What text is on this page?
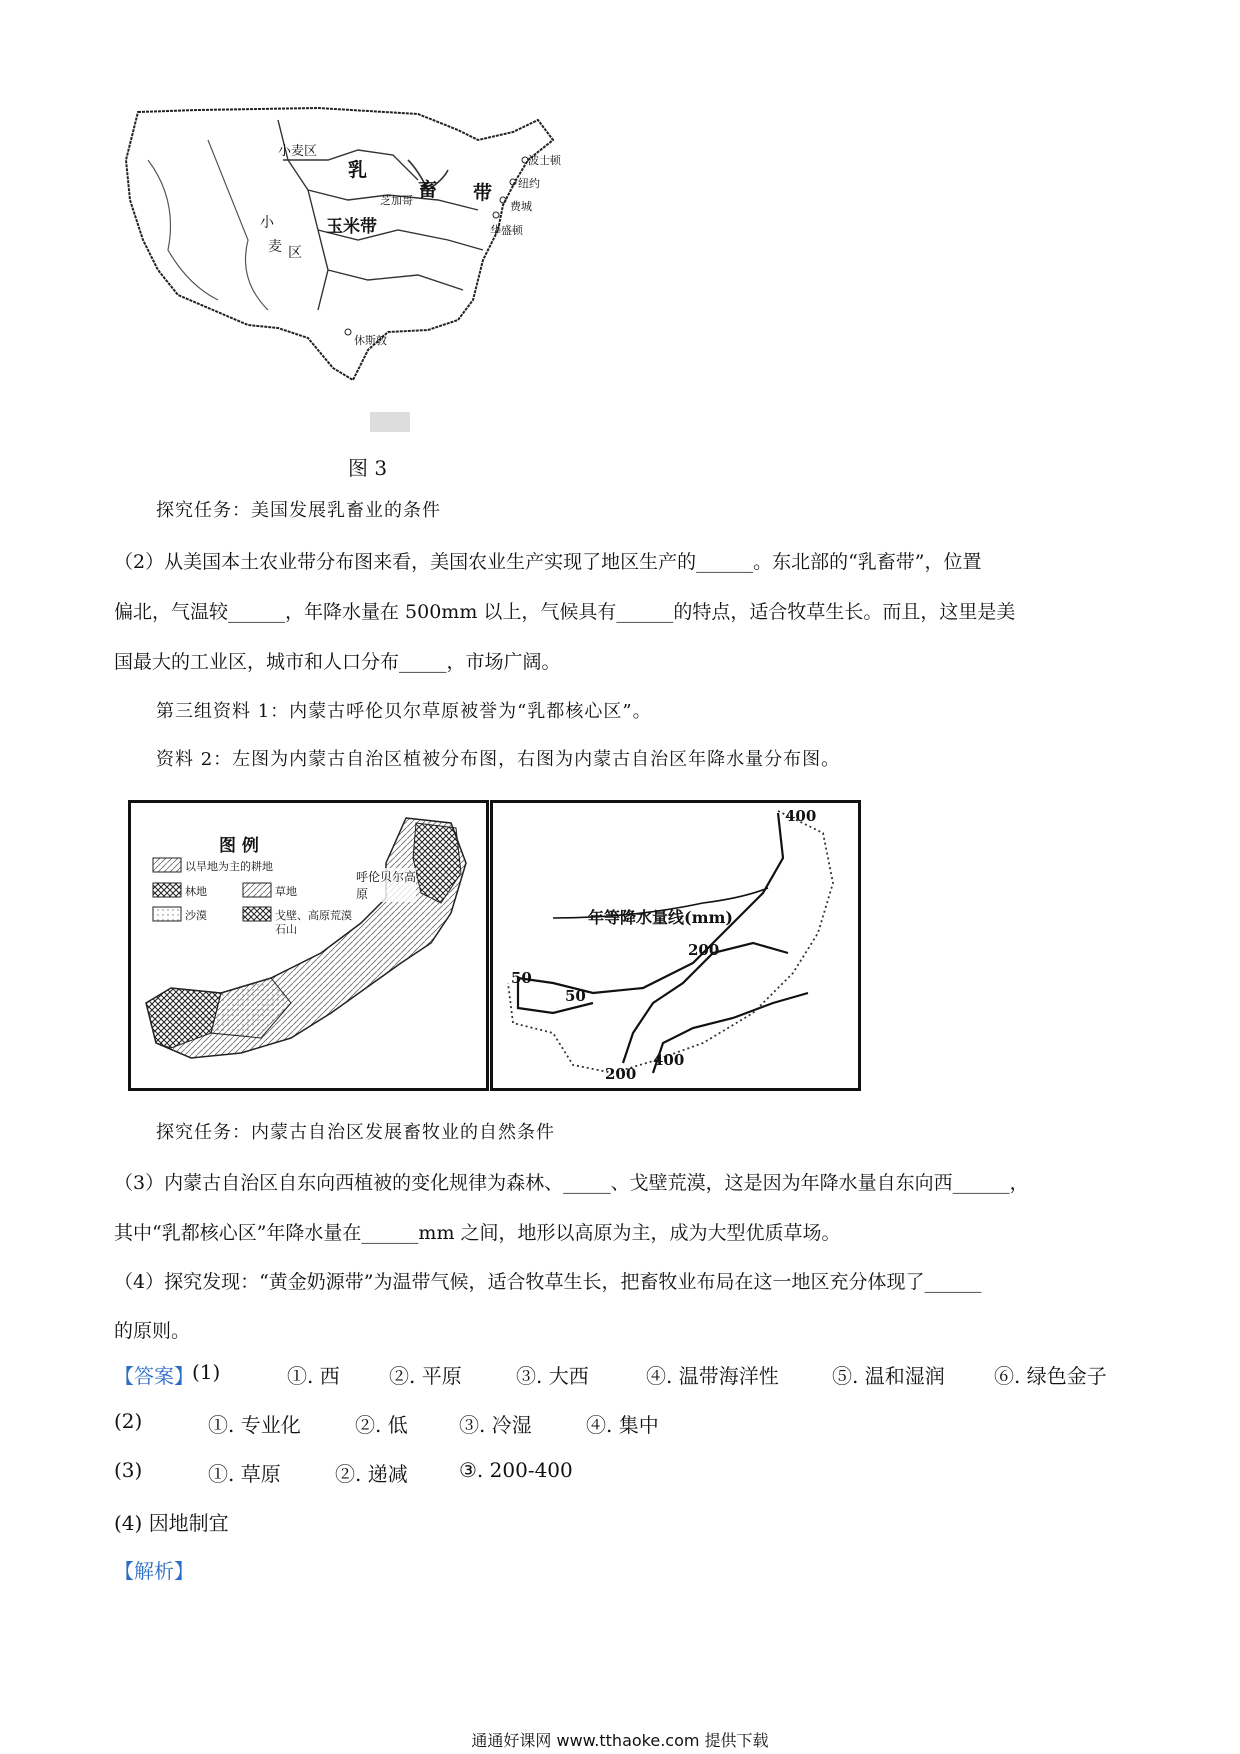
小麦区
乳
畜 带
芝加哥
玉米带
小
麦 区
波士顿
纽约
费城
华盛顿
休斯敦
图 3
探究任务：美国发展乳畜业的条件
（2）从美国本土农业带分布图来看，美国农业生产实现了地区生产的______。东北部的“乳畜带”，位置
偏北，气温较______，年降水量在 500mm 以上，气候具有______的特点，适合牧草生长。而且，这里是美
国最大的工业区，城市和人口分布_____，市场广阔。
第三组资料 1：内蒙古呼伦贝尔草原被誉为“乳都核心区”。
资料 2：左图为内蒙古自治区植被分布图，右图为内蒙古自治区年降水量分布图。
图 例
以旱地为主的耕地
林地	草地
沙漠	戈壁、高原荒漠
石山
呼伦贝尔高原
年等降水量线(mm)
400
200
50
50
200
400
探究任务：内蒙古自治区发展畜牧业的自然条件
（3）内蒙古自治区自东向西植被的变化规律为森林、_____、戈壁荒漠，这是因为年降水量自东向西______，
其中“乳都核心区”年降水量在______mm 之间，地形以高原为主，成为大型优质草场。
（4）探究发现：“黄金奶源带”为温带气候，适合牧草生长，把畜牧业布局在这一地区充分体现了______
的原则。
【答案】
(1)	①. 西 ②. 平原	③. 大西	④. 温带海洋性	⑤. 温和湿润 ⑥. 绿色金子
(2)	①. 专业化	②. 低	③. 冷湿	④. 集中
(3)	①. 草原	②. 递减	③. 200-400
(4) 因地制宜
【解析】
通通好课网 www.tthaoke.com 提供下载
